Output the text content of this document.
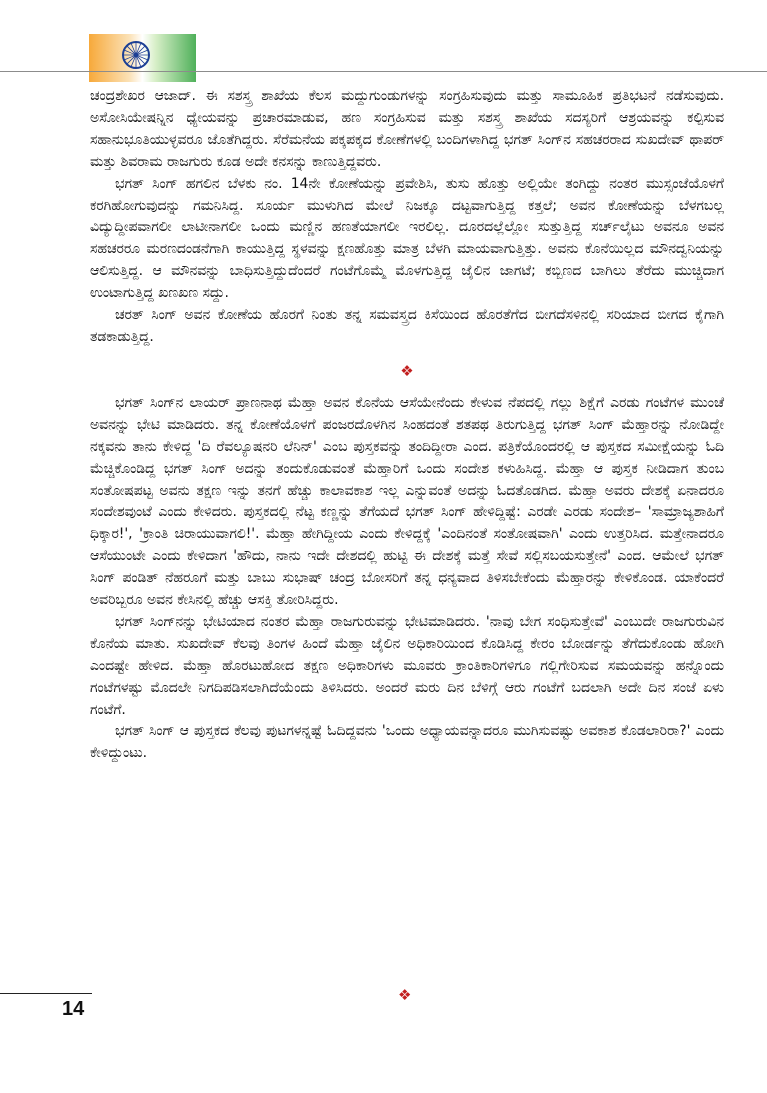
ಚಂದ್ರಶೇಖರ ಆಜಾದ್. ಈ ಸಶಸ್ತ್ರ ಶಾಖೆಯ ಕೆಲಸ ಮದ್ದುಗುಂಡುಗಳನ್ನು ಸಂಗ್ರಹಿಸುವುದು ಮತ್ತು ಸಾಮೂಹಿಕ ಪ್ರತಿಭಟನೆ ನಡೆಸುವುದು. ಅಸೋಸಿಯೇಷನ್ನಿನ ಧ್ಯೇಯವನ್ನು ಪ್ರಚಾರಮಾಡುವ, ಹಣ ಸಂಗ್ರಹಿಸುವ ಮತ್ತು ಸಶಸ್ತ್ರ ಶಾಖೆಯ ಸದಸ್ಯರಿಗೆ ಆಶ್ರಯವನ್ನು ಕಲ್ಪಿಸುವ ಸಹಾನುಭೂತಿಯುಳ್ಳವರೂ ಜೊತೆಗಿದ್ದರು. ಸೆರೆಮನೆಯ ಪಕ್ಕಪಕ್ಕದ ಕೋಣೆಗಳಲ್ಲಿ ಬಂದಿಗಳಾಗಿದ್ದ ಭಗತ್ ಸಿಂಗ್‌ನ ಸಹಚರರಾದ ಸುಖದೇವ್ ಥಾಪರ್ ಮತ್ತು ಶಿವರಾಮ ರಾಜಗುರು ಕೂಡ ಅದೇ ಕನಸನ್ನು ಕಾಣುತ್ತಿದ್ದವರು.

ಭಗತ್ ಸಿಂಗ್ ಹಗಲಿನ ಬೆಳಕು ನಂ. 14ನೇ ಕೋಣೆಯನ್ನು ಪ್ರವೇಶಿಸಿ, ತುಸು ಹೊತ್ತು ಅಲ್ಲಿಯೇ ತಂಗಿದ್ದು ನಂತರ ಮುಸ್ಸಂಜೆಯೊಳಗೆ ಕರಗಿಹೋಗುವುದನ್ನು ಗಮನಿಸಿದ್ದ. ಸೂರ್ಯ ಮುಳುಗಿದ ಮೇಲೆ ನಿಜಕ್ಕೂ ದಟ್ಟವಾಗುತ್ತಿದ್ದ ಕತ್ತಲೆ; ಅವನ ಕೋಣೆಯನ್ನು ಬೆಳಗಬಲ್ಲ ವಿದ್ಯುದ್ದೀಪವಾಗಲೀ ಲಾಟೀನಾಗಲೀ ಒಂದು ಮಣ್ಣಿನ ಹಣತೆಯಾಗಲೀ ಇರಲಿಲ್ಲ. ದೂರದಲ್ಲೆಲ್ಲೋ ಸುತ್ತುತ್ತಿದ್ದ ಸರ್ಚ್‌ಲೈಟು ಅವನೂ ಅವನ ಸಹಚರರೂ ಮರಣದಂಡನೆಗಾಗಿ ಕಾಯುತ್ತಿದ್ದ ಸ್ಥಳವನ್ನು ಕ್ಷಣಹೊತ್ತು ಮಾತ್ರ ಬೆಳಗಿ ಮಾಯವಾಗುತ್ತಿತ್ತು. ಅವನು ಕೊನೆಯಿಲ್ಲದ ಮೌನದ್ವನಿಯನ್ನು ಆಲಿಸುತ್ತಿದ್ದ. ಆ ಮೌನವನ್ನು ಬಾಧಿಸುತ್ತಿದ್ದುದೆಂದರೆ ಗಂಟೆಗೊಮ್ಮೆ ಮೊಳಗುತ್ತಿದ್ದ ಜೈಲಿನ ಜಾಗಟೆ; ಕಬ್ಬಿಣದ ಬಾಗಿಲು ತೆರೆದು ಮುಚ್ಚಿದಾಗ ಉಂಟಾಗುತ್ತಿದ್ದ ಖಣಖಣ ಸದ್ದು.

ಚರತ್ ಸಿಂಗ್ ಅವನ ಕೋಣೆಯ ಹೊರಗೆ ನಿಂತು ತನ್ನ ಸಮವಸ್ತ್ರದ ಕಿಸೆಯಿಂದ ಹೊರತೆಗೆದ ಬೀಗದೆಸಳಿನಲ್ಲಿ ಸರಿಯಾದ ಬೀಗದ ಕೈಗಾಗಿ ತಡಕಾಡುತ್ತಿದ್ದ.

❖

ಭಗತ್ ಸಿಂಗ್‌ನ ಲಾಯರ್ ಪ್ರಾಣನಾಥ ಮೆಹ್ತಾ ಅವನ ಕೊನೆಯ ಆಸೆಯೇನೆಂದು ಕೇಳುವ ನೆಪದಲ್ಲಿ ಗಲ್ಲು ಶಿಕ್ಷೆಗೆ ಎರಡು ಗಂಟೆಗಳ ಮುಂಚೆ ಅವನನ್ನು ಭೇಟಿ ಮಾಡಿದರು. ತನ್ನ ಕೋಣೆಯೊಳಗೆ ಪಂಜರದೊಳಗಿನ ಸಿಂಹದಂತೆ ಶತಪಥ ತಿರುಗುತ್ತಿದ್ದ ಭಗತ್ ಸಿಂಗ್ ಮೆಹ್ತಾರನ್ನು ನೋಡಿದ್ದೇ ನಕ್ಕವನು ತಾನು ಕೇಳಿದ್ದ 'ದಿ ರೆವಲ್ಯೂಷನರಿ ಲೆನಿನ್' ಎಂಬ ಪುಸ್ತಕವನ್ನು ತಂದಿದ್ದೀರಾ ಎಂದ. ಪತ್ರಿಕೆಯೊಂದರಲ್ಲಿ ಆ ಪುಸ್ತಕದ ಸಮೀಕ್ಷೆಯನ್ನು ಓದಿ ಮೆಚ್ಚಿಕೊಂಡಿದ್ದ ಭಗತ್ ಸಿಂಗ್ ಅದನ್ನು ತಂದುಕೊಡುವಂತೆ ಮೆಹ್ತಾರಿಗೆ ಒಂದು ಸಂದೇಶ ಕಳುಹಿಸಿದ್ದ. ಮೆಹ್ತಾ ಆ ಪುಸ್ತಕ ನೀಡಿದಾಗ ತುಂಬ ಸಂತೋಷಪಟ್ಟ ಅವನು ತಕ್ಷಣ ಇನ್ನು ತನಗೆ ಹೆಚ್ಚು ಕಾಲಾವಕಾಶ ಇಲ್ಲ ಎನ್ನುವಂತೆ ಅದನ್ನು ಓದತೊಡಗಿದ. ಮೆಹ್ತಾ ಅವರು ದೇಶಕ್ಕೆ ಏನಾದರೂ ಸಂದೇಶವುಂಟೆ ಎಂದು ಕೇಳಿದರು. ಪುಸ್ತಕದಲ್ಲಿ ನೆಟ್ಟ ಕಣ್ಣನ್ನು ತೆಗೆಯದೆ ಭಗತ್ ಸಿಂಗ್ ಹೇಳಿದ್ದಿಷ್ಟೆ: ಎರಡೇ ಎರಡು ಸಂದೇಶ– 'ಸಾಮ್ರಾಜ್ಯಶಾಹಿಗೆ ಧಿಕ್ಕಾರ!', 'ಕ್ರಾಂತಿ ಚಿರಾಯುವಾಗಲಿ!'. ಮೆಹ್ತಾ ಹೇಗಿದ್ದೀಯ ಎಂದು ಕೇಳಿದ್ದಕ್ಕೆ 'ಎಂದಿನಂತೆ ಸಂತೋಷವಾಗಿ' ಎಂದು ಉತ್ತರಿಸಿದ. ಮತ್ತೇನಾದರೂ ಆಸೆಯುಂಟೇ ಎಂದು ಕೇಳಿದಾಗ 'ಹೌದು, ನಾನು ಇದೇ ದೇಶದಲ್ಲಿ ಹುಟ್ಟಿ ಈ ದೇಶಕ್ಕೆ ಮತ್ತೆ ಸೇವೆ ಸಲ್ಲಿಸಬಯಸುತ್ತೇನೆ' ಎಂದ. ಆಮೇಲೆ ಭಗತ್ ಸಿಂಗ್ ಪಂಡಿತ್ ನೆಹರೂಗೆ ಮತ್ತು ಬಾಬು ಸುಭಾಷ್ ಚಂದ್ರ ಬೋಸರಿಗೆ ತನ್ನ ಧನ್ಯವಾದ ತಿಳಿಸಬೇಕೆಂದು ಮೆಹ್ತಾರನ್ನು ಕೇಳಿಕೊಂಡ. ಯಾಕೆಂದರೆ ಅವರಿಬ್ಬರೂ ಅವನ ಕೇಸಿನಲ್ಲಿ ಹೆಚ್ಚು ಆಸಕ್ತಿ ತೋರಿಸಿದ್ದರು.

ಭಗತ್ ಸಿಂಗ್‌ನನ್ನು ಭೇಟಿಯಾದ ನಂತರ ಮೆಹ್ತಾ ರಾಜಗುರುವನ್ನು ಭೇಟಿಮಾಡಿದರು. 'ನಾವು ಬೇಗ ಸಂಧಿಸುತ್ತೇವೆ' ಎಂಬುದೇ ರಾಜಗುರುವಿನ ಕೊನೆಯ ಮಾತು. ಸುಖದೇವ್ ಕೆಲವು ತಿಂಗಳ ಹಿಂದೆ ಮೆಹ್ತಾ ಜೈಲಿನ ಅಧಿಕಾರಿಯಿಂದ ಕೊಡಿಸಿದ್ದ ಕೇರಂ ಬೋರ್ಡನ್ನು ತೆಗೆದುಕೊಂಡು ಹೋಗಿ ಎಂದಷ್ಟೇ ಹೇಳಿದ. ಮೆಹ್ತಾ ಹೊರಟುಹೋದ ತಕ್ಷಣ ಅಧಿಕಾರಿಗಳು ಮೂವರು ಕ್ರಾಂತಿಕಾರಿಗಳಿಗೂ ಗಲ್ಲಿಗೇರಿಸುವ ಸಮಯವನ್ನು ಹನ್ನೊಂದು ಗಂಟೆಗಳಷ್ಟು ಮೊದಲೇ ನಿಗದಿಪಡಿಸಲಾಗಿದೆಯೆಂದು ತಿಳಿಸಿದರು. ಅಂದರೆ ಮರು ದಿನ ಬೆಳಿಗ್ಗೆ ಆರು ಗಂಟೆಗೆ ಬದಲಾಗಿ ಅದೇ ದಿನ ಸಂಜೆ ಏಳು ಗಂಟೆಗೆ.

ಭಗತ್ ಸಿಂಗ್ ಆ ಪುಸ್ತಕದ ಕೆಲವು ಪುಟಗಳನ್ನಷ್ಟೆ ಓದಿದ್ದವನು 'ಒಂದು ಅಧ್ಯಾಯವನ್ನಾದರೂ ಮುಗಿಸುವಷ್ಟು ಅವಕಾಶ ಕೊಡಲಾರಿರಾ?' ಎಂದು ಕೇಳಿದ್ದುಂಟು.

❖
14
